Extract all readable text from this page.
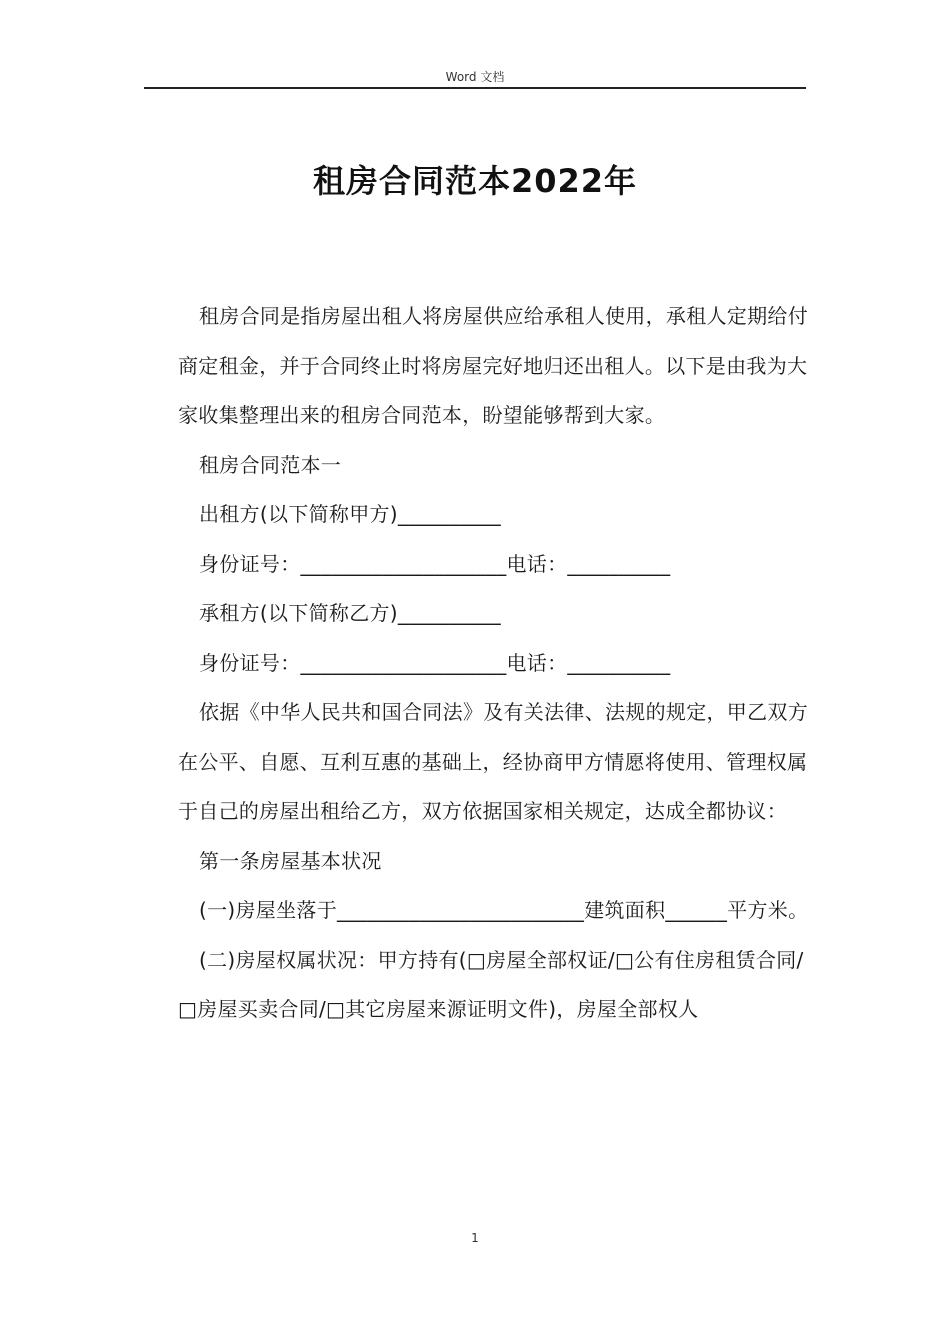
Word 文档
租房合同范本2022年

租房合同是指房屋出租人将房屋供应给承租人使用，承租人定期给付商定租金，并于合同终止时将房屋完好地归还出租人。以下是由我为大家收集整理出来的租房合同范本，盼望能够帮到大家。

租房合同范本一

出租方(以下简称甲方)__________

身份证号：____________________电话：__________

承租方(以下简称乙方)__________

身份证号：____________________电话：__________

依据《中华人民共和国合同法》及有关法律、法规的规定，甲乙双方在公平、自愿、互利互惠的基础上，经协商甲方情愿将使用、管理权属于自己的房屋出租给乙方，双方依据国家相关规定，达成全都协议：

第一条房屋基本状况

(一)房屋坐落于________________________建筑面积______平方米。

(二)房屋权属状况：甲方持有(□房屋全部权证/□公有住房租赁合同/□房屋买卖合同/□其它房屋来源证明文件)，房屋全部权人

1
